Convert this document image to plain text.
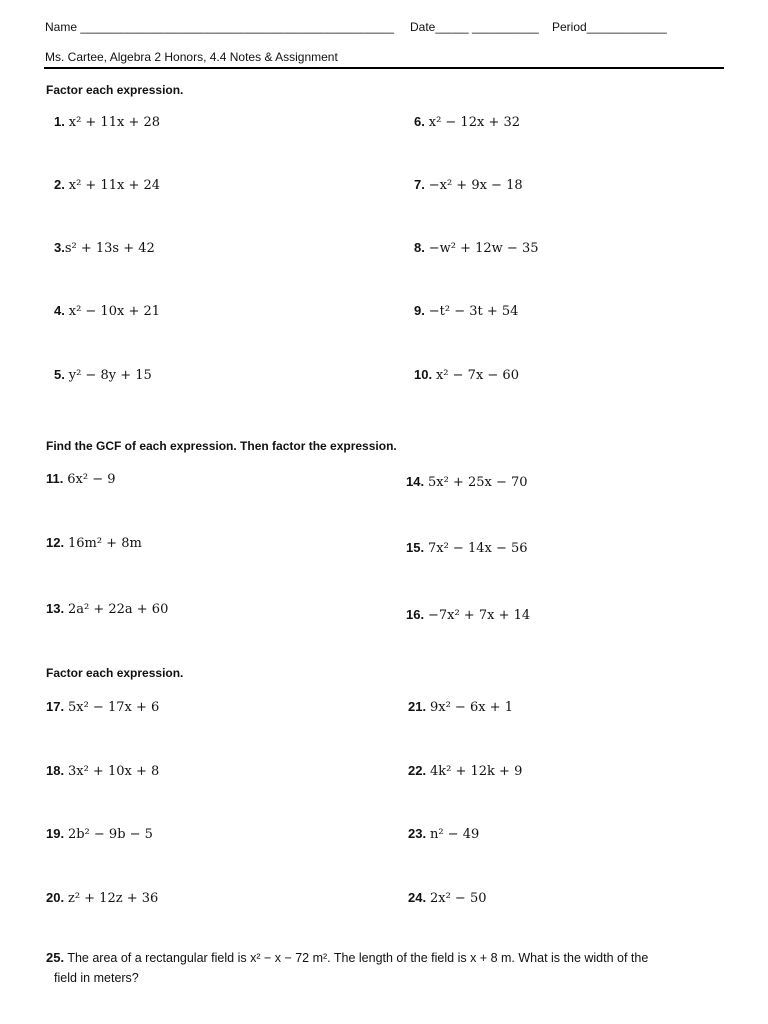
Name _______________________________________________ Date_____ __________ Period____________
Ms. Cartee, Algebra 2 Honors, 4.4 Notes & Assignment
Factor each expression.
Find the GCF of each expression. Then factor the expression.
Factor each expression.
1. x² + 11x + 28
2. x² + 11x + 24
3.s² + 13s + 42
4. x² − 10x + 21
5. y² − 8y + 15
6. x² − 12x + 32
7. −x² + 9x − 18
8. −w² + 12w − 35
9. −t² − 3t + 54
10. x² − 7x − 60
11. 6x² − 9
12. 16m² + 8m
13. 2a² + 22a + 60
14. 5x² + 25x − 70
15. 7x² − 14x − 56
16. −7x² + 7x + 14
17. 5x² − 17x + 6
18. 3x² + 10x + 8
19. 2b² − 9b − 5
20. z² + 12z + 36
21. 9x² − 6x + 1
22. 4k² + 12k + 9
23. n² − 49
24. 2x² − 50
25. The area of a rectangular field is x² − x − 72 m². The length of the field is x + 8 m. What is the width of the
field in meters?
